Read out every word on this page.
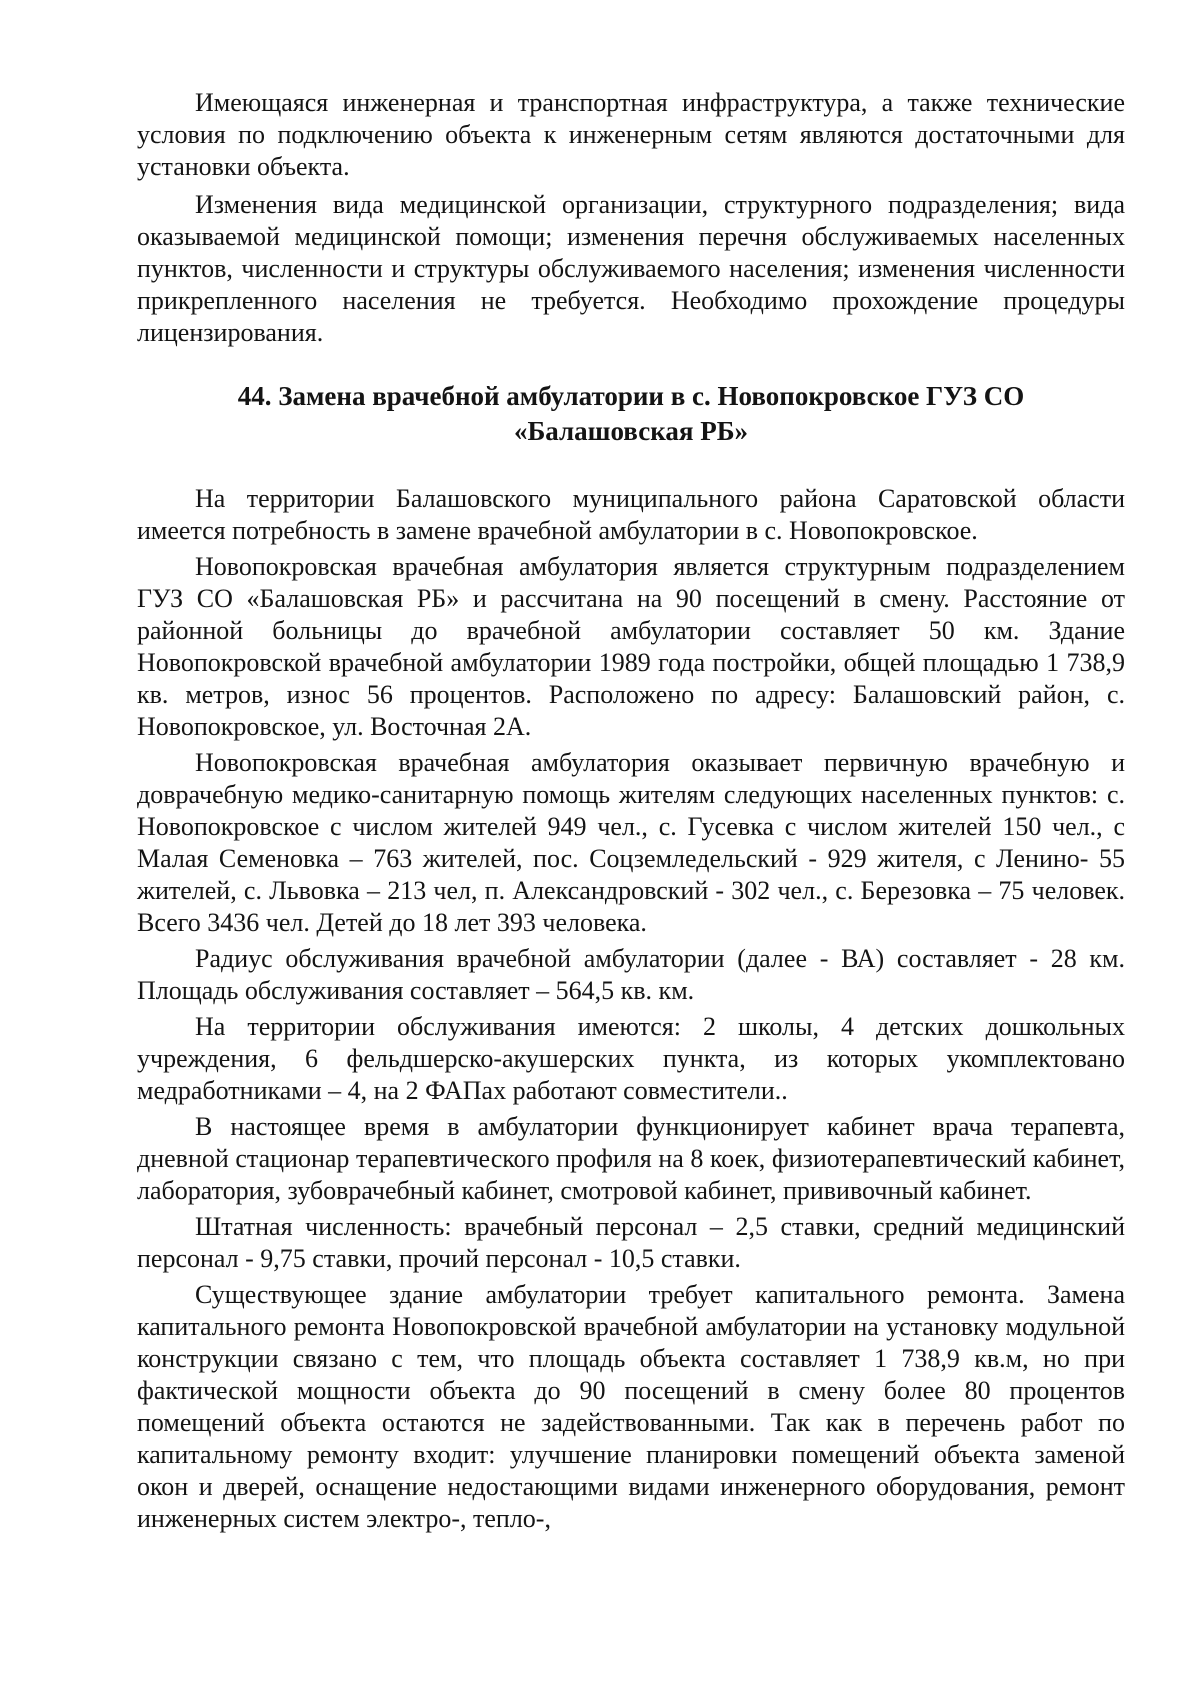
Имеющаяся инженерная и транспортная инфраструктура, а также технические условия по подключению объекта к инженерным сетям являются достаточными для установки объекта.

Изменения вида медицинской организации, структурного подразделения; вида оказываемой медицинской помощи; изменения перечня обслуживаемых населенных пунктов, численности и структуры обслуживаемого населения; изменения численности прикрепленного населения не требуется. Необходимо прохождение процедуры лицензирования.

44. Замена врачебной амбулатории в с. Новопокровское ГУЗ СО
«Балашовская РБ»

На территории Балашовского муниципального района Саратовской области имеется потребность в замене врачебной амбулатории в с. Новопокровское.

Новопокровская врачебная амбулатория является структурным подразделением ГУЗ СО «Балашовская РБ» и рассчитана на 90 посещений в смену. Расстояние от районной больницы до врачебной амбулатории составляет 50 км. Здание Новопокровской врачебной амбулатории 1989 года постройки, общей площадью 1 738,9 кв. метров, износ 56 процентов. Расположено по адресу: Балашовский район, с. Новопокровское, ул. Восточная 2А.

Новопокровская врачебная амбулатория оказывает первичную врачебную и доврачебную медико-санитарную помощь жителям следующих населенных пунктов: с. Новопокровское с числом жителей 949 чел., с. Гусевка с числом жителей 150 чел., с Малая Семеновка – 763 жителей, пос. Соцземледельский - 929 жителя, с Ленино- 55 жителей, с. Львовка – 213 чел, п. Александровский - 302 чел., с. Березовка – 75 человек. Всего 3436 чел. Детей до 18 лет 393 человека.

Радиус обслуживания врачебной амбулатории (далее - ВА) составляет - 28 км. Площадь обслуживания составляет – 564,5 кв. км.

На территории обслуживания имеются: 2 школы, 4 детских дошкольных учреждения, 6 фельдшерско-акушерских пункта, из которых укомплектовано медработниками – 4, на 2 ФАПах работают совместители..

В настоящее время в амбулатории функционирует кабинет врача терапевта, дневной стационар терапевтического профиля на 8 коек, физиотерапевтический кабинет, лаборатория, зубоврачебный кабинет, смотровой кабинет, прививочный кабинет.

Штатная численность: врачебный персонал – 2,5 ставки, средний медицинский персонал - 9,75 ставки, прочий персонал - 10,5 ставки.

Существующее здание амбулатории требует капитального ремонта. Замена капитального ремонта Новопокровской врачебной амбулатории на установку модульной конструкции связано с тем, что площадь объекта составляет 1 738,9 кв.м, но при фактической мощности объекта до 90 посещений в смену более 80 процентов помещений объекта остаются не задействованными. Так как в перечень работ по капитальному ремонту входит: улучшение планировки помещений объекта заменой окон и дверей, оснащение недостающими видами инженерного оборудования, ремонт инженерных систем электро-, тепло-,
